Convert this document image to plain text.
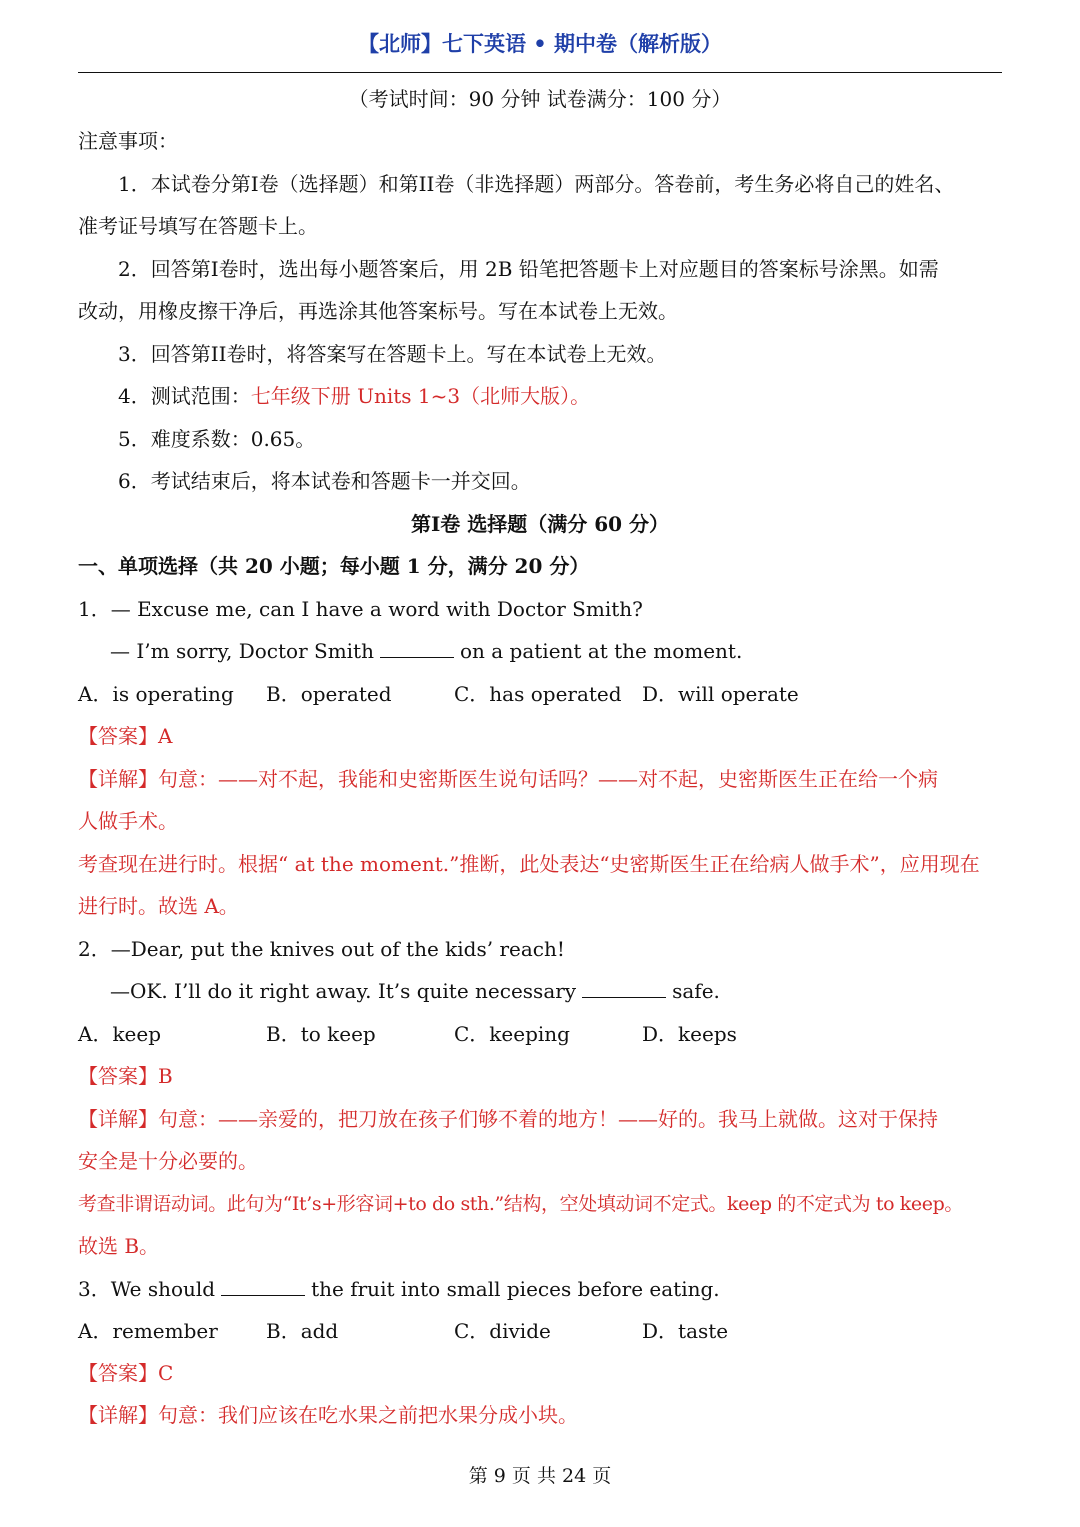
【北师】七下英语 • 期中卷（解析版）
（考试时间：90 分钟 试卷满分：100 分）
注意事项：
1．本试卷分第I卷（选择题）和第II卷（非选择题）两部分。答卷前，考生务必将自己的姓名、
准考证号填写在答题卡上。
2．回答第I卷时，选出每小题答案后，用 2B 铅笔把答题卡上对应题目的答案标号涂黑。如需
改动，用橡皮擦干净后，再选涂其他答案标号。写在本试卷上无效。
3．回答第II卷时，将答案写在答题卡上。写在本试卷上无效。
4．测试范围：七年级下册 Units 1~3（北师大版）。
5．难度系数：0.65。
6．考试结束后，将本试卷和答题卡一并交回。
第I卷 选择题（满分 60 分）
一、单项选择（共 20 小题；每小题 1 分，满分 20 分）
1．— Excuse me, can I have a word with Doctor Smith?
— I’m sorry, Doctor Smith	on a patient at the moment.
A．is operating B．operated	C．has operated D．will operate
【答案】A
【详解】句意：——对不起，我能和史密斯医生说句话吗？——对不起，史密斯医生正在给一个病
人做手术。
考查现在进行时。根据“ at the moment.”推断，此处表达“史密斯医生正在给病人做手术”，应用现在
进行时。故选 A。
2．—Dear, put the knives out of the kids’ reach!
—OK. I’ll do it right away. It’s quite necessary	safe.
A．keep	B．to keep	C．keeping	D．keeps
【答案】B
【详解】句意：——亲爱的，把刀放在孩子们够不着的地方！——好的。我马上就做。这对于保持
安全是十分必要的。
考查非谓语动词。此句为“It’s+形容词+to do sth.”结构，空处填动词不定式。keep 的不定式为 to keep。
故选 B。
3．We should	the fruit into small pieces before eating.
A．remember B．add	C．divide	D．taste
【答案】C
【详解】句意：我们应该在吃水果之前把水果分成小块。
第 9 页 共 24 页
